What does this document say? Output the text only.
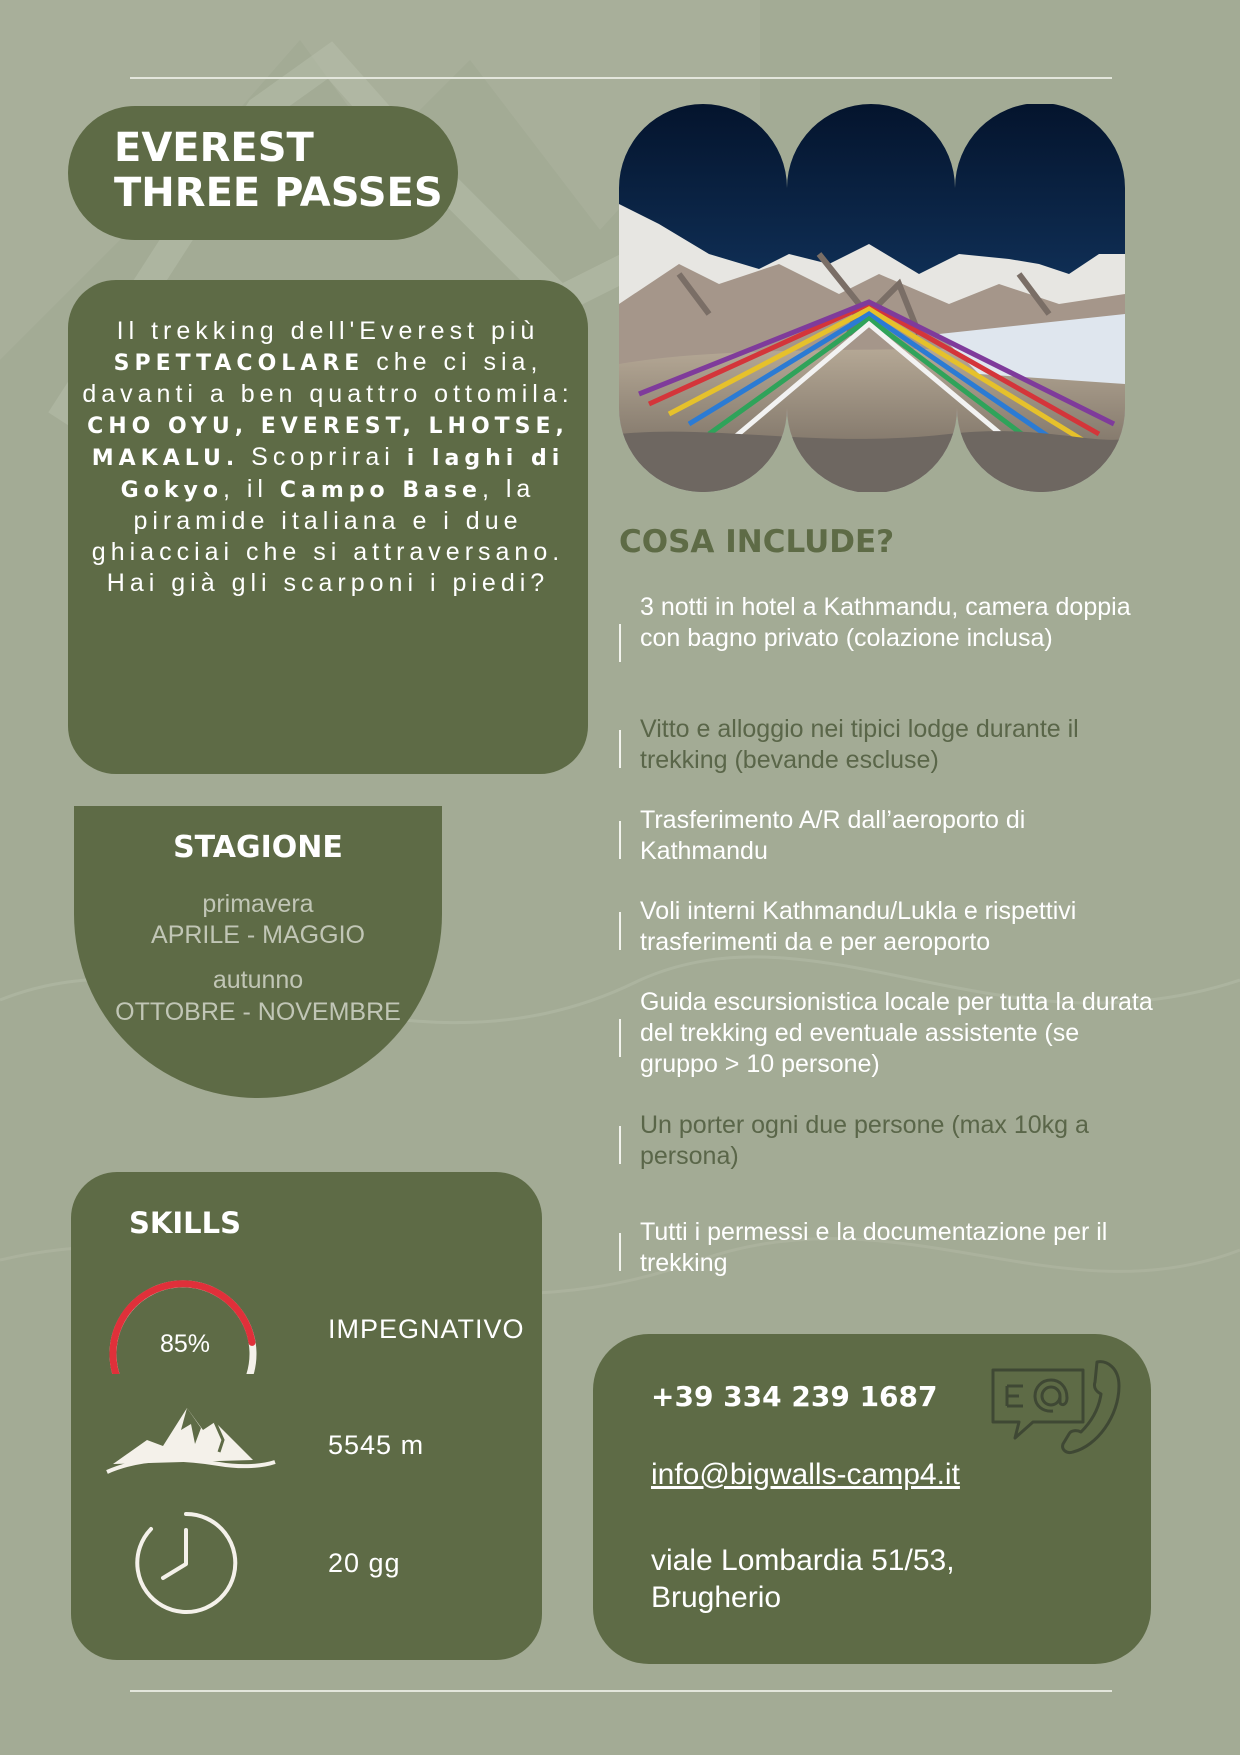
EVEREST
THREE PASSES
Il trekking dell'Everest più SPETTACOLARE che ci sia, davanti a ben quattro ottomila:
CHO OYU, EVEREST, LHOTSE, MAKALU. Scoprirai i laghi di Gokyo, il Campo Base, la piramide italiana e i due ghiacciai che si attraversano.
Hai già gli scarponi i piedi?
STAGIONE
primavera
APRILE - MAGGIO
autunno
OTTOBRE - NOVEMBRE
SKILLS
85%	IMPEGNATIVO
5545 m
20 gg
COSA INCLUDE?
3 notti in hotel a Kathmandu, camera doppia con bagno privato (colazione inclusa)
Vitto e alloggio nei tipici lodge durante il trekking (bevande escluse)
Trasferimento A/R dall’aeroporto di Kathmandu
Voli interni Kathmandu/Lukla e rispettivi trasferimenti da e per aeroporto
Guida escursionistica locale per tutta la durata del trekking ed eventuale assistente (se gruppo > 10 persone)
Un porter ogni due persone (max 10kg a persona)
Tutti i permessi e la documentazione per il trekking
+39 334 239 1687
info@bigwalls-camp4.it
viale Lombardia 51/53,
Brugherio
